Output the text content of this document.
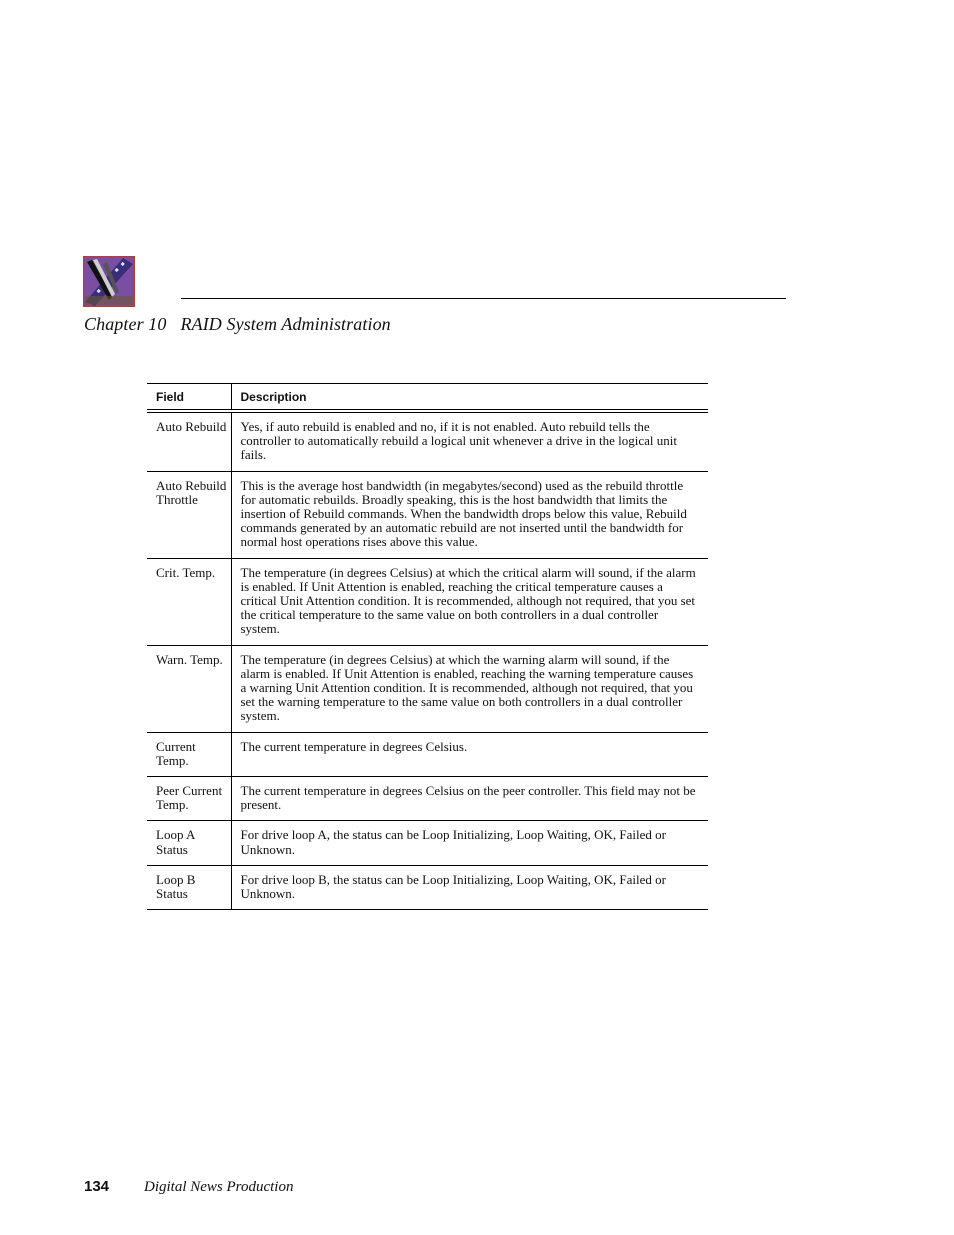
Chapter 10 RAID System Administration
Field	Description
Auto Rebuild	Yes, if auto rebuild is enabled and no, if it is not enabled. Auto rebuild tells the controller to automatically rebuild a logical unit whenever a drive in the logical unit fails.
Auto Rebuild Throttle	This is the average host bandwidth (in megabytes/second) used as the rebuild throttle for automatic rebuilds. Broadly speaking, this is the host bandwidth that limits the insertion of Rebuild commands. When the bandwidth drops below this value, Rebuild commands generated by an automatic rebuild are not inserted until the bandwidth for normal host operations rises above this value.
Crit. Temp.	The temperature (in degrees Celsius) at which the critical alarm will sound, if the alarm is enabled. If Unit Attention is enabled, reaching the critical temperature causes a critical Unit Attention condition. It is recommended, although not required, that you set the critical temperature to the same value on both controllers in a dual controller system.
Warn. Temp.	The temperature (in degrees Celsius) at which the warning alarm will sound, if the alarm is enabled. If Unit Attention is enabled, reaching the warning temperature causes a warning Unit Attention condition. It is recommended, although not required, that you set the warning temperature to the same value on both controllers in a dual controller system.
Current Temp.	The current temperature in degrees Celsius.
Peer Current Temp.	The current temperature in degrees Celsius on the peer controller. This field may not be present.
Loop A Status	For drive loop A, the status can be Loop Initializing, Loop Waiting, OK, Failed or Unknown.
Loop B Status	For drive loop B, the status can be Loop Initializing, Loop Waiting, OK, Failed or Unknown.
134 Digital News Production
